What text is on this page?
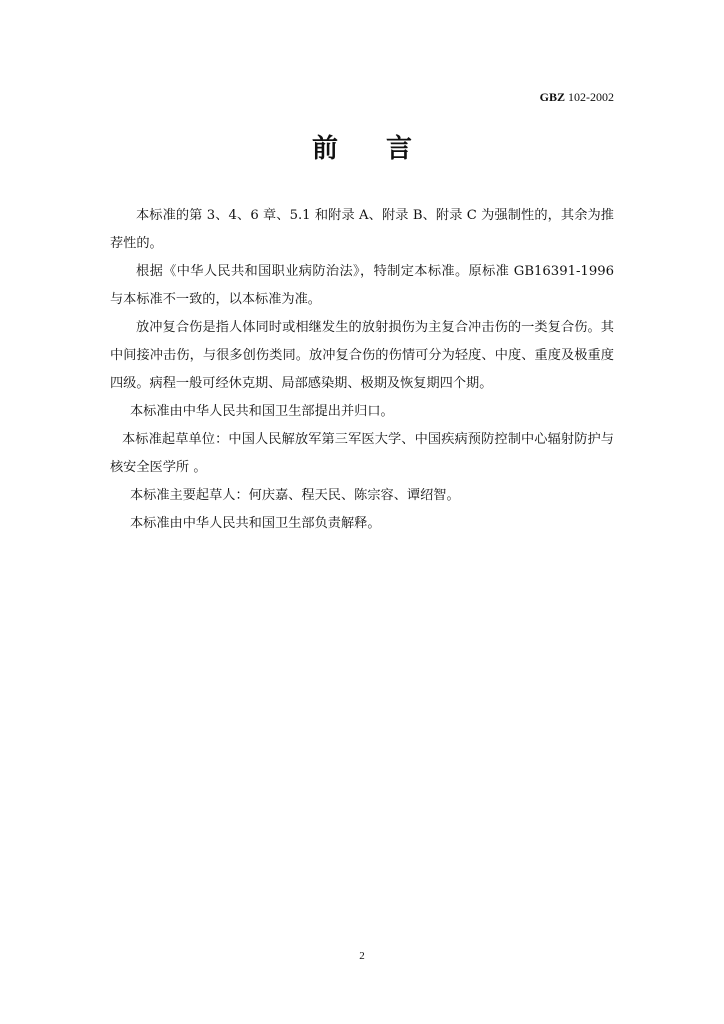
GBZ 102-2002
前言

本标准的第 3、4、6 章、5.1 和附录 A、附录 B、附录 C 为强制性的，其余为推荐性的。

根据《中华人民共和国职业病防治法》，特制定本标准。原标准 GB16391-1996 与本标准不一致的，以本标准为准。

放冲复合伤是指人体同时或相继发生的放射损伤为主复合冲击伤的一类复合伤。其中间接冲击伤，与很多创伤类同。放冲复合伤的伤情可分为轻度、中度、重度及极重度四级。病程一般可经休克期、局部感染期、极期及恢复期四个期。

本标准由中华人民共和国卫生部提出并归口。

本标准起草单位：中国人民解放军第三军医大学、中国疾病预防控制中心辐射防护与核安全医学所 。

本标准主要起草人：何庆嘉、程天民、陈宗容、谭绍智。

本标准由中华人民共和国卫生部负责解释。

2
